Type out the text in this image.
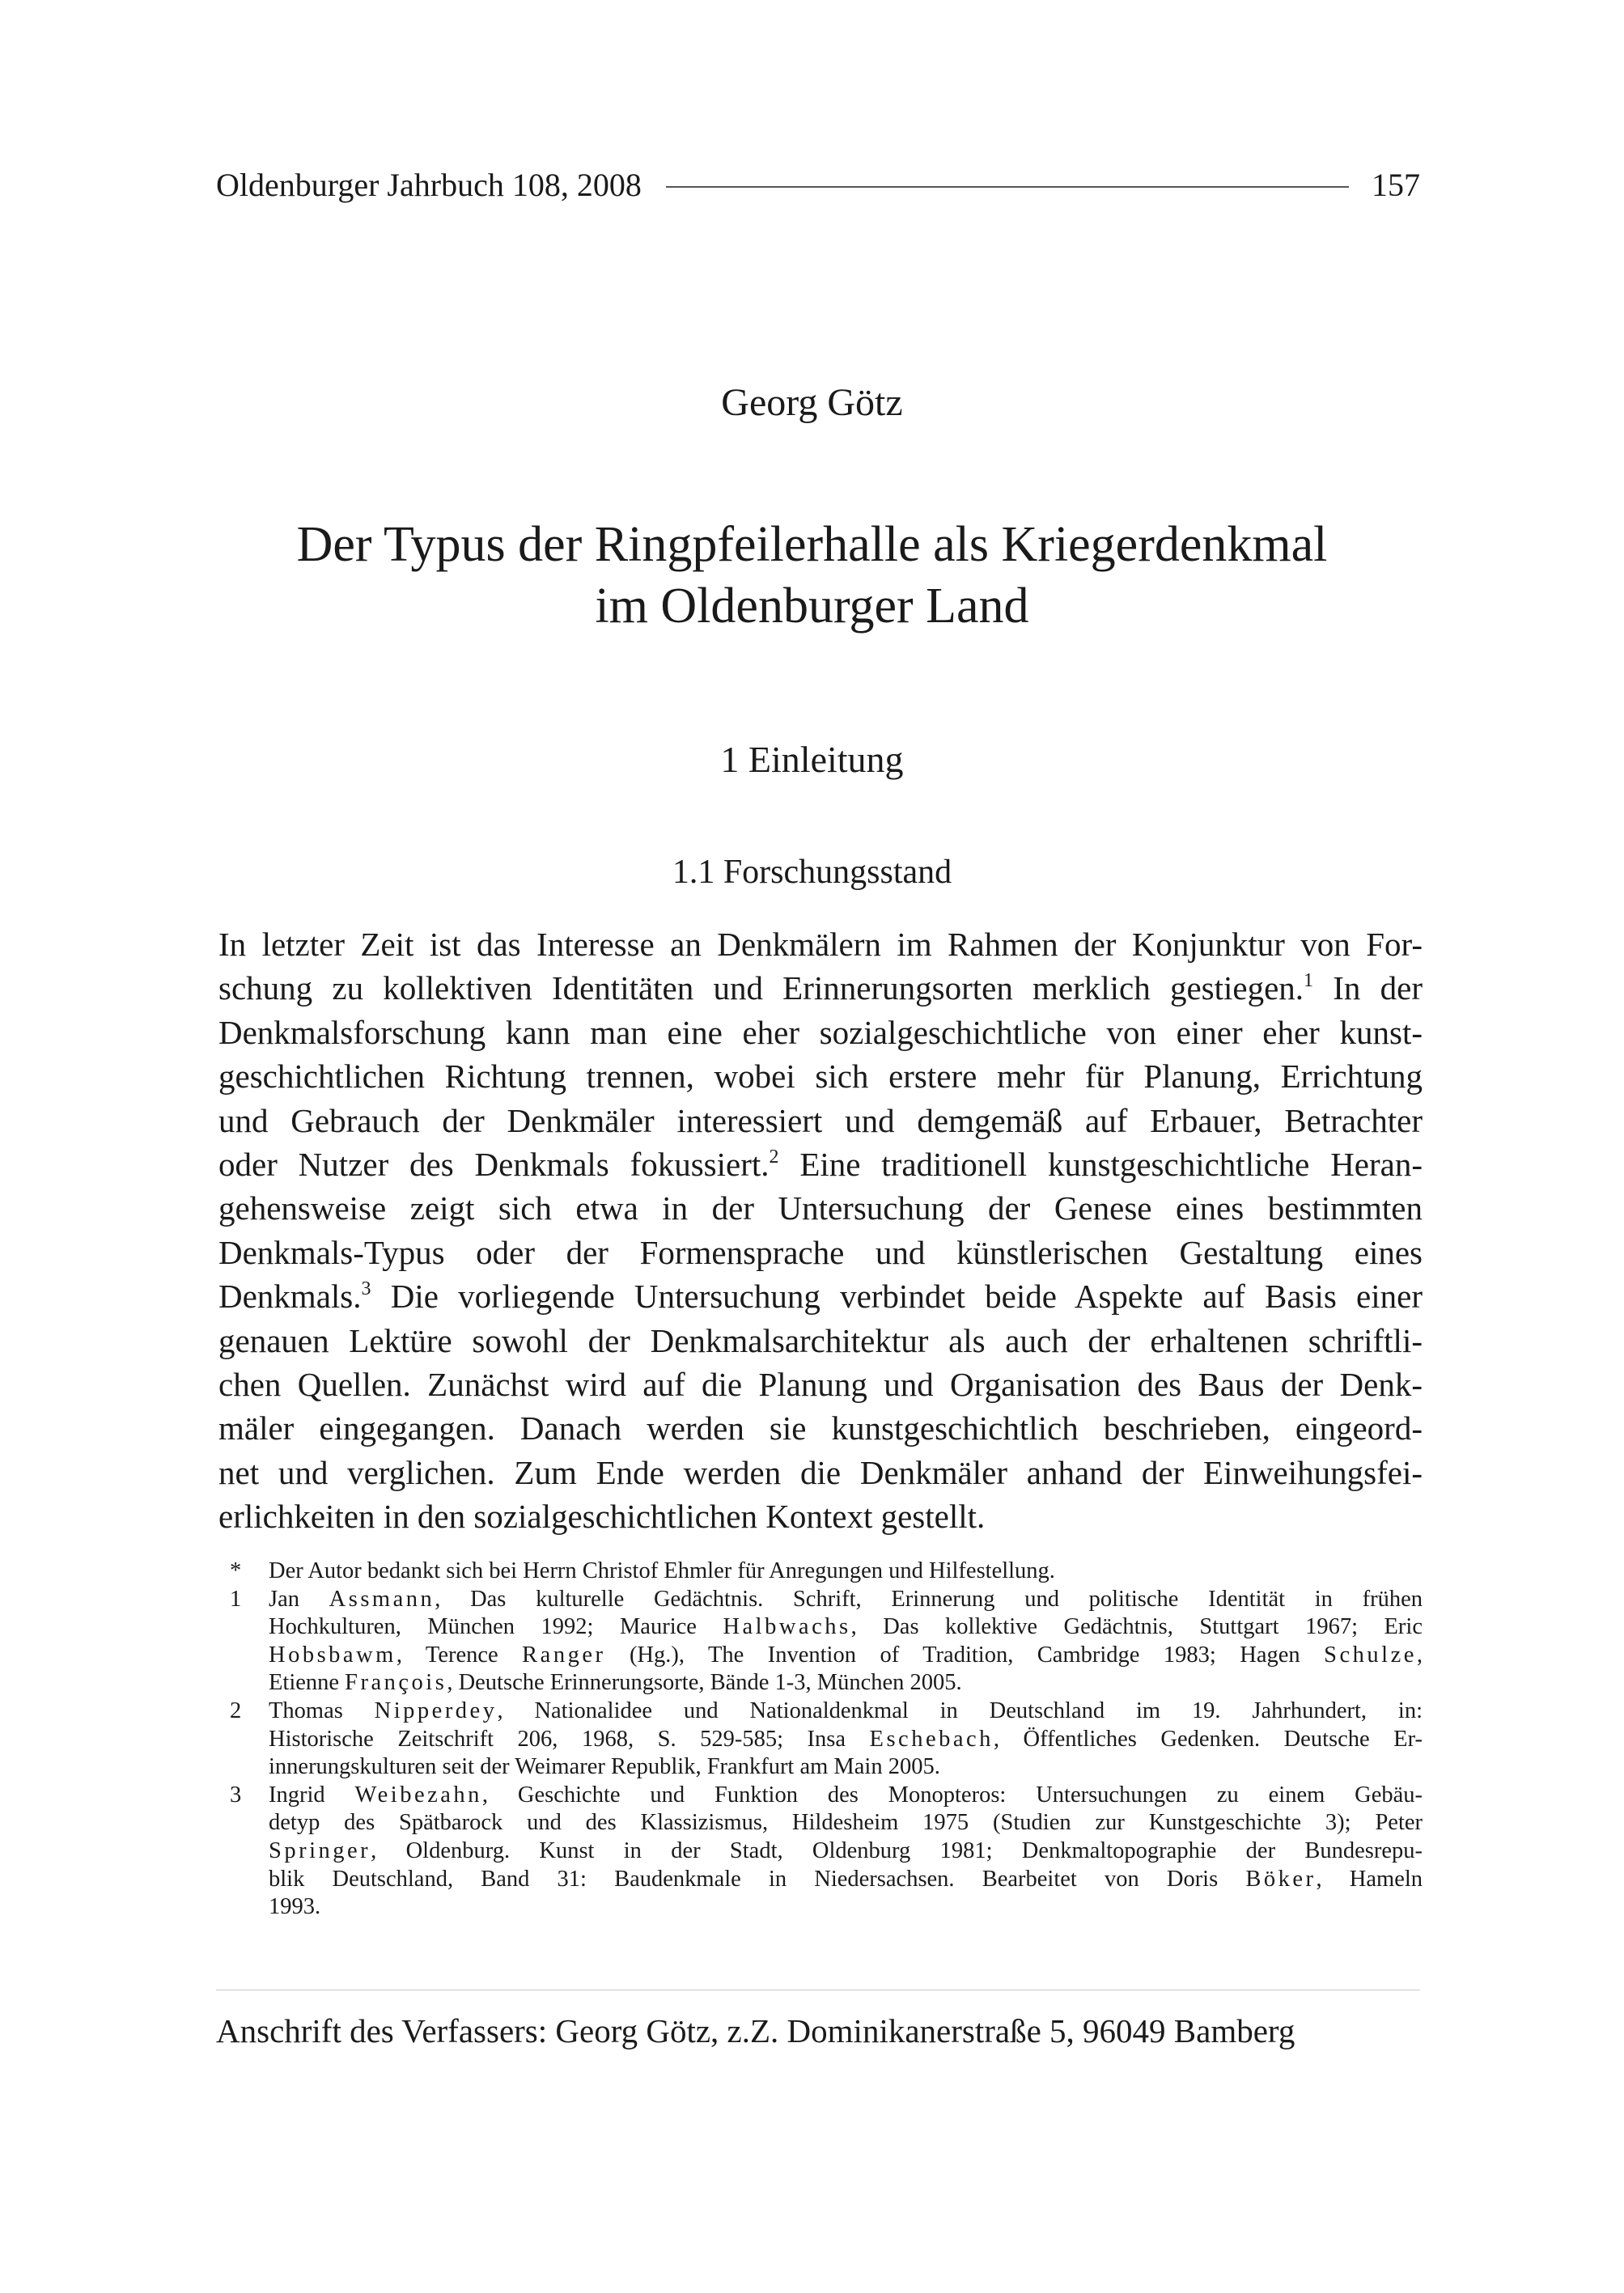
Oldenburger Jahrbuch 108, 2008	157
Georg Götz
Der Typus der Ringpfeilerhalle als Kriegerdenkmal
im Oldenburger Land
1 Einleitung
1.1 Forschungsstand
In letzter Zeit ist das Interesse an Denkmälern im Rahmen der Konjunktur von For-
schung zu kollektiven Identitäten und Erinnerungsorten merklich gestiegen.$^1$ In der
Denkmalsforschung kann man eine eher sozialgeschichtliche von einer eher kunst-
geschichtlichen Richtung trennen, wobei sich erstere mehr für Planung, Errichtung
und Gebrauch der Denkmäler interessiert und demgemäß auf Erbauer, Betrachter
oder Nutzer des Denkmals fokussiert.$^2$ Eine traditionell kunstgeschichtliche Heran-
gehensweise zeigt sich etwa in der Untersuchung der Genese eines bestimmten
Denkmals-Typus oder der Formensprache und künstlerischen Gestaltung eines
Denkmals.$^3$ Die vorliegende Untersuchung verbindet beide Aspekte auf Basis einer
genauen Lektüre sowohl der Denkmalsarchitektur als auch der erhaltenen schriftli-
chen Quellen. Zunächst wird auf die Planung und Organisation des Baus der Denk-
mäler eingegangen. Danach werden sie kunstgeschichtlich beschrieben, eingeord-
net und verglichen. Zum Ende werden die Denkmäler anhand der Einweihungsfei-
erlichkeiten in den sozialgeschichtlichen Kontext gestellt.
* Der Autor bedankt sich bei Herrn Christof Ehmler für Anregungen und Hilfestellung.
1 Jan Assmann, Das kulturelle Gedächtnis. Schrift, Erinnerung und politische Identität in frühen
Hochkulturen, München 1992; Maurice Halbwachs, Das kollektive Gedächtnis, Stuttgart 1967; Eric
Hobsbawm, Terence Ranger (Hg.), The Invention of Tradition, Cambridge 1983; Hagen Schulze,
Etienne François, Deutsche Erinnerungsorte, Bände 1-3, München 2005.
2 Thomas Nipperdey, Nationalidee und Nationaldenkmal in Deutschland im 19. Jahrhundert, in:
Historische Zeitschrift 206, 1968, S. 529-585; Insa Eschebach, Öffentliches Gedenken. Deutsche Er-
innerungskulturen seit der Weimarer Republik, Frankfurt am Main 2005.
3 Ingrid Weibezahn, Geschichte und Funktion des Monopteros: Untersuchungen zu einem Gebäu-
detyp des Spätbarock und des Klassizismus, Hildesheim 1975 (Studien zur Kunstgeschichte 3); Peter
Springer, Oldenburg. Kunst in der Stadt, Oldenburg 1981; Denkmaltopographie der Bundesrepu-
blik Deutschland, Band 31: Baudenkmale in Niedersachsen. Bearbeitet von Doris Böker, Hameln
1993.
Anschrift des Verfassers: Georg Götz, z.Z. Dominikanerstraße 5, 96049 Bamberg
